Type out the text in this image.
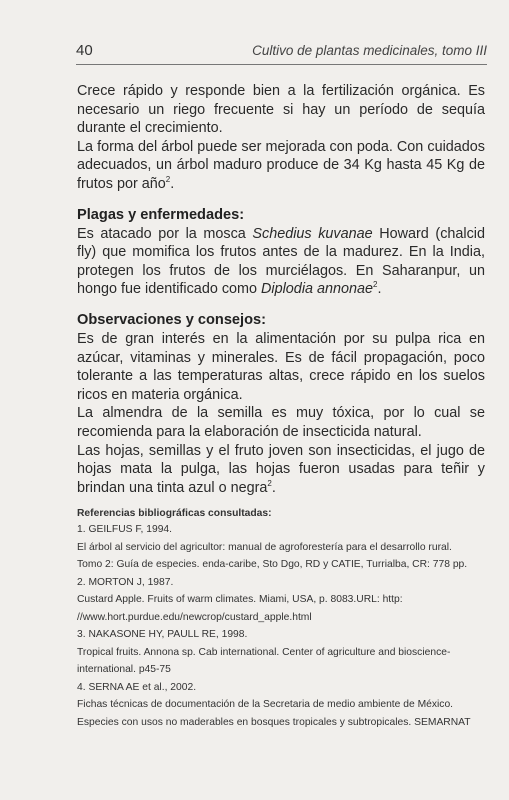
40	Cultivo de plantas medicinales, tomo III

Crece rápido y responde bien a la fertilización orgánica. Es necesario un riego frecuente si hay un período de sequía durante el crecimiento.

La forma del árbol puede ser mejorada con poda. Con cuidados adecuados, un árbol maduro produce de 34 Kg hasta 45 Kg de frutos por año$^2$.

Plagas y enfermedades:

Es atacado por la mosca Schedius kuvanae Howard (chalcid fly) que momifica los frutos antes de la madurez. En la India, protegen los frutos de los murciélagos. En Saharanpur, un hongo fue identificado como Diplodia annonae$^2$.

Observaciones y consejos:

Es de gran interés en la alimentación por su pulpa rica en azúcar, vitaminas y minerales. Es de fácil propagación, poco tolerante a las temperaturas altas, crece rápido en los suelos ricos en materia orgánica.

La almendra de la semilla es muy tóxica, por lo cual se recomienda para la elaboración de insecticida natural.

Las hojas, semillas y el fruto joven son insecticidas, el jugo de hojas mata la pulga, las hojas fueron usadas para teñir y brindan una tinta azul o negra$^2$.

Referencias bibliográficas consultadas:
1. GEILFUS F, 1994.
El árbol al servicio del agricultor: manual de agroforestería para el desarrollo rural.
Tomo 2: Guía de especies. enda-caribe, Sto Dgo, RD y CATIE, Turrialba, CR: 778 pp.
2. MORTON J, 1987.
Custard Apple. Fruits of warm climates. Miami, USA, p. 8083.URL: http:
//www.hort.purdue.edu/newcrop/custard_apple.html
3. NAKASONE HY, PAULL RE, 1998.
Tropical fruits. Annona sp. Cab international. Center of agriculture and bioscience-
international. p45-75
4. SERNA AE et al., 2002.
Fichas técnicas de documentación de la Secretaria de medio ambiente de México.
Especies con usos no maderables en bosques tropicales y subtropicales. SEMARNAT
